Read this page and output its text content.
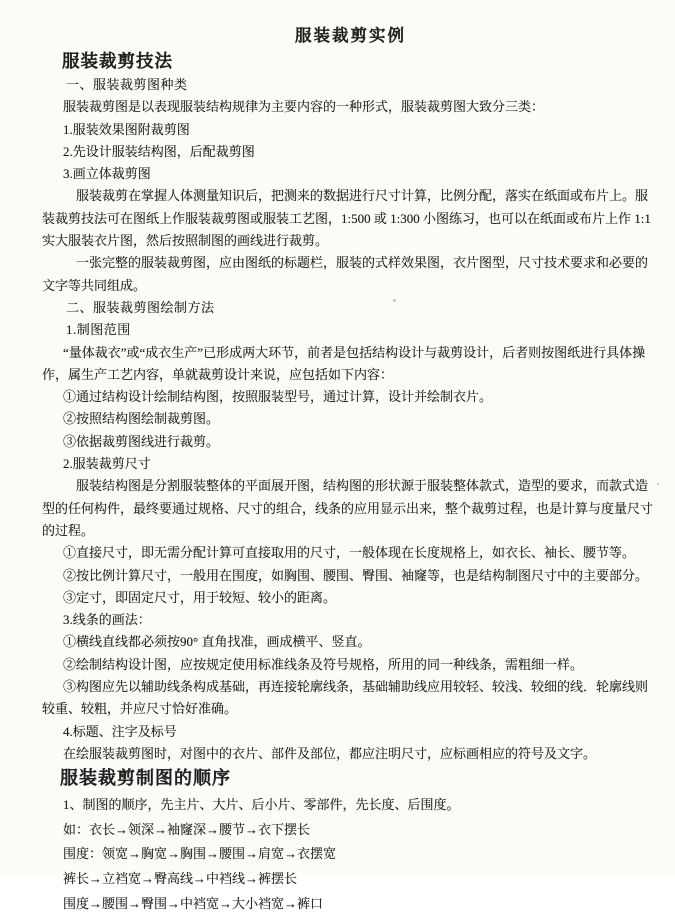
服装裁剪实例
服装裁剪技法
一、服装裁剪图种类
服装裁剪图是以表现服装结构规律为主要内容的一种形式，服装裁剪图大致分三类：
1.服装效果图附裁剪图
2.先设计服装结构图，后配裁剪图
3.画立体裁剪图
服装裁剪在掌握人体测量知识后，把测来的数据进行尺寸计算，比例分配，落实在纸面或布片上。服装裁剪技法可在图纸上作服装裁剪图或服装工艺图，1:500 或 1:300 小图练习，也可以在纸面或布片上作 1:1 实大服装衣片图，然后按照制图的画线进行裁剪。
一张完整的服装裁剪图，应由图纸的标题栏，服装的式样效果图，衣片图型，尺寸技术要求和必要的文字等共同组成。
二、服装裁剪图绘制方法
1.制图范围
“量体裁衣”或“成衣生产”已形成两大环节，前者是包括结构设计与裁剪设计，后者则按图纸进行具体操作，属生产工艺内容，单就裁剪设计来说，应包括如下内容：
①通过结构设计绘制结构图，按照服装型号，通过计算，设计并绘制衣片。
②按照结构图绘制裁剪图。
③依据裁剪图线进行裁剪。
2.服装裁剪尺寸
服装结构图是分割服装整体的平面展开图，结构图的形状源于服装整体款式，造型的要求，而款式造型的任何构件，最终要通过规格、尺寸的组合，线条的应用显示出来，整个裁剪过程，也是计算与度量尺寸的过程。
①直接尺寸，即无需分配计算可直接取用的尺寸，一般体现在长度规格上，如衣长、袖长、腰节等。
②按比例计算尺寸，一般用在围度，如胸围、腰围、臀围、袖窿等，也是结构制图尺寸中的主要部分。
③定寸，即固定尺寸，用于较短、较小的距离。
3.线条的画法：
①横线直线都必须按90° 直角找准，画成横平、竖直。
②绘制结构设计图，应按规定使用标准线条及符号规格，所用的同一种线条，需粗细一样。
③构图应先以辅助线条构成基础，再连接轮廓线条，基础辅助线应用较轻、较浅、较细的线．轮廓线则较重、较粗，并应尺寸恰好准确。
4.标题、注字及标号
在绘服装裁剪图时，对图中的衣片、部件及部位，都应注明尺寸，应标画相应的符号及文字。
服装裁剪制图的顺序
1、制图的顺序，先主片、大片、后小片、零部件，先长度、后围度。
如：衣长→领深→袖窿深→腰节→衣下摆长
围度：领宽→胸宽→胸围→腰围→肩宽→衣摆宽
裤长→立裆宽→臀高线→中裆线→裤摆长
围度→腰围→臀围→中裆宽→大小裆宽→裤口
ʹ
